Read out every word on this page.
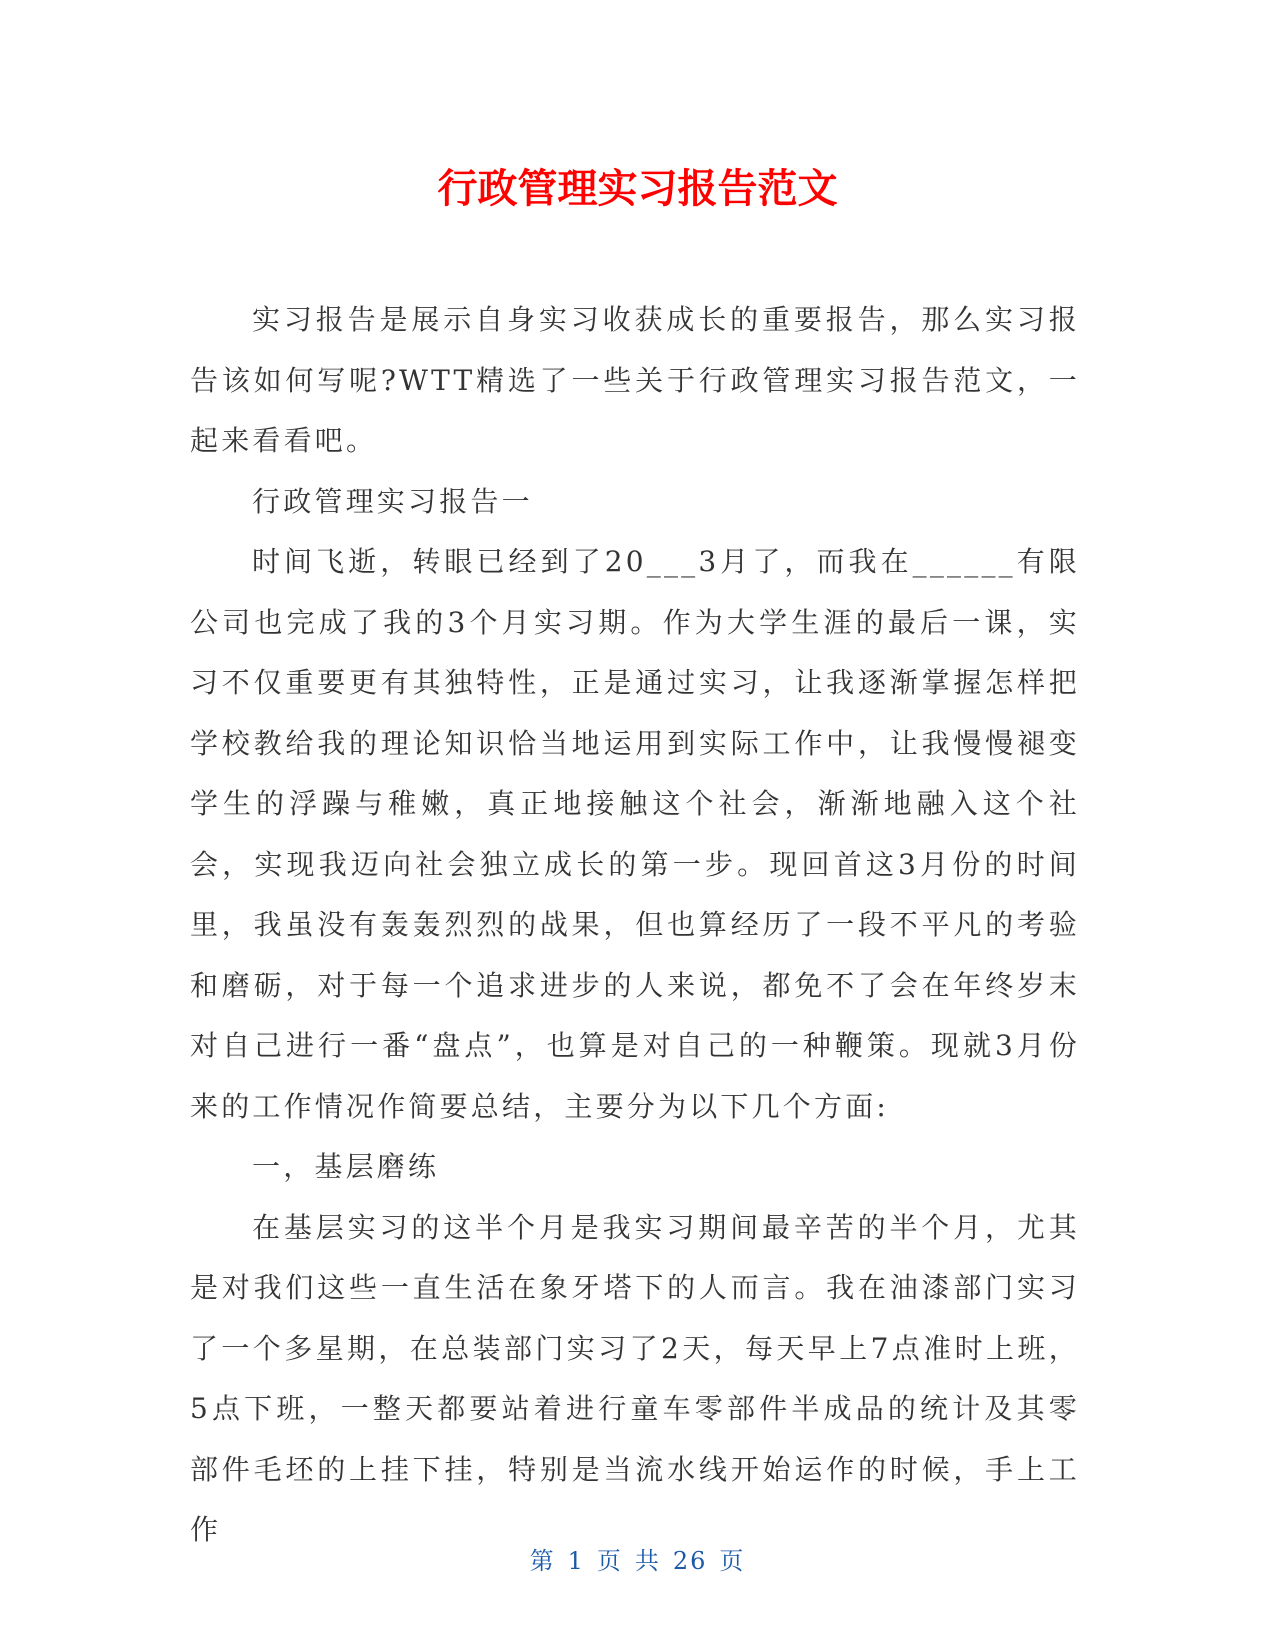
行政管理实习报告范文

实习报告是展示自身实习收获成长的重要报告，那么实习报告该如何写呢?WTT精选了一些关于行政管理实习报告范文，一起来看看吧。

行政管理实习报告一

时间飞逝，转眼已经到了20___3月了，而我在______有限公司也完成了我的3个月实习期。作为大学生涯的最后一课，实习不仅重要更有其独特性，正是通过实习，让我逐渐掌握怎样把学校教给我的理论知识恰当地运用到实际工作中，让我慢慢褪变学生的浮躁与稚嫩，真正地接触这个社会，渐渐地融入这个社会，实现我迈向社会独立成长的第一步。现回首这3月份的时间里，我虽没有轰轰烈烈的战果，但也算经历了一段不平凡的考验和磨砺，对于每一个追求进步的人来说，都免不了会在年终岁末对自己进行一番“盘点”，也算是对自己的一种鞭策。现就3月份来的工作情况作简要总结，主要分为以下几个方面:

一，基层磨练

在基层实习的这半个月是我实习期间最辛苦的半个月，尤其是对我们这些一直生活在象牙塔下的人而言。我在油漆部门实习了一个多星期，在总装部门实习了2天，每天早上7点准时上班，5点下班，一整天都要站着进行童车零部件半成品的统计及其零部件毛坯的上挂下挂，特别是当流水线开始运作的时候，手上工作

第 1 页 共 26 页
